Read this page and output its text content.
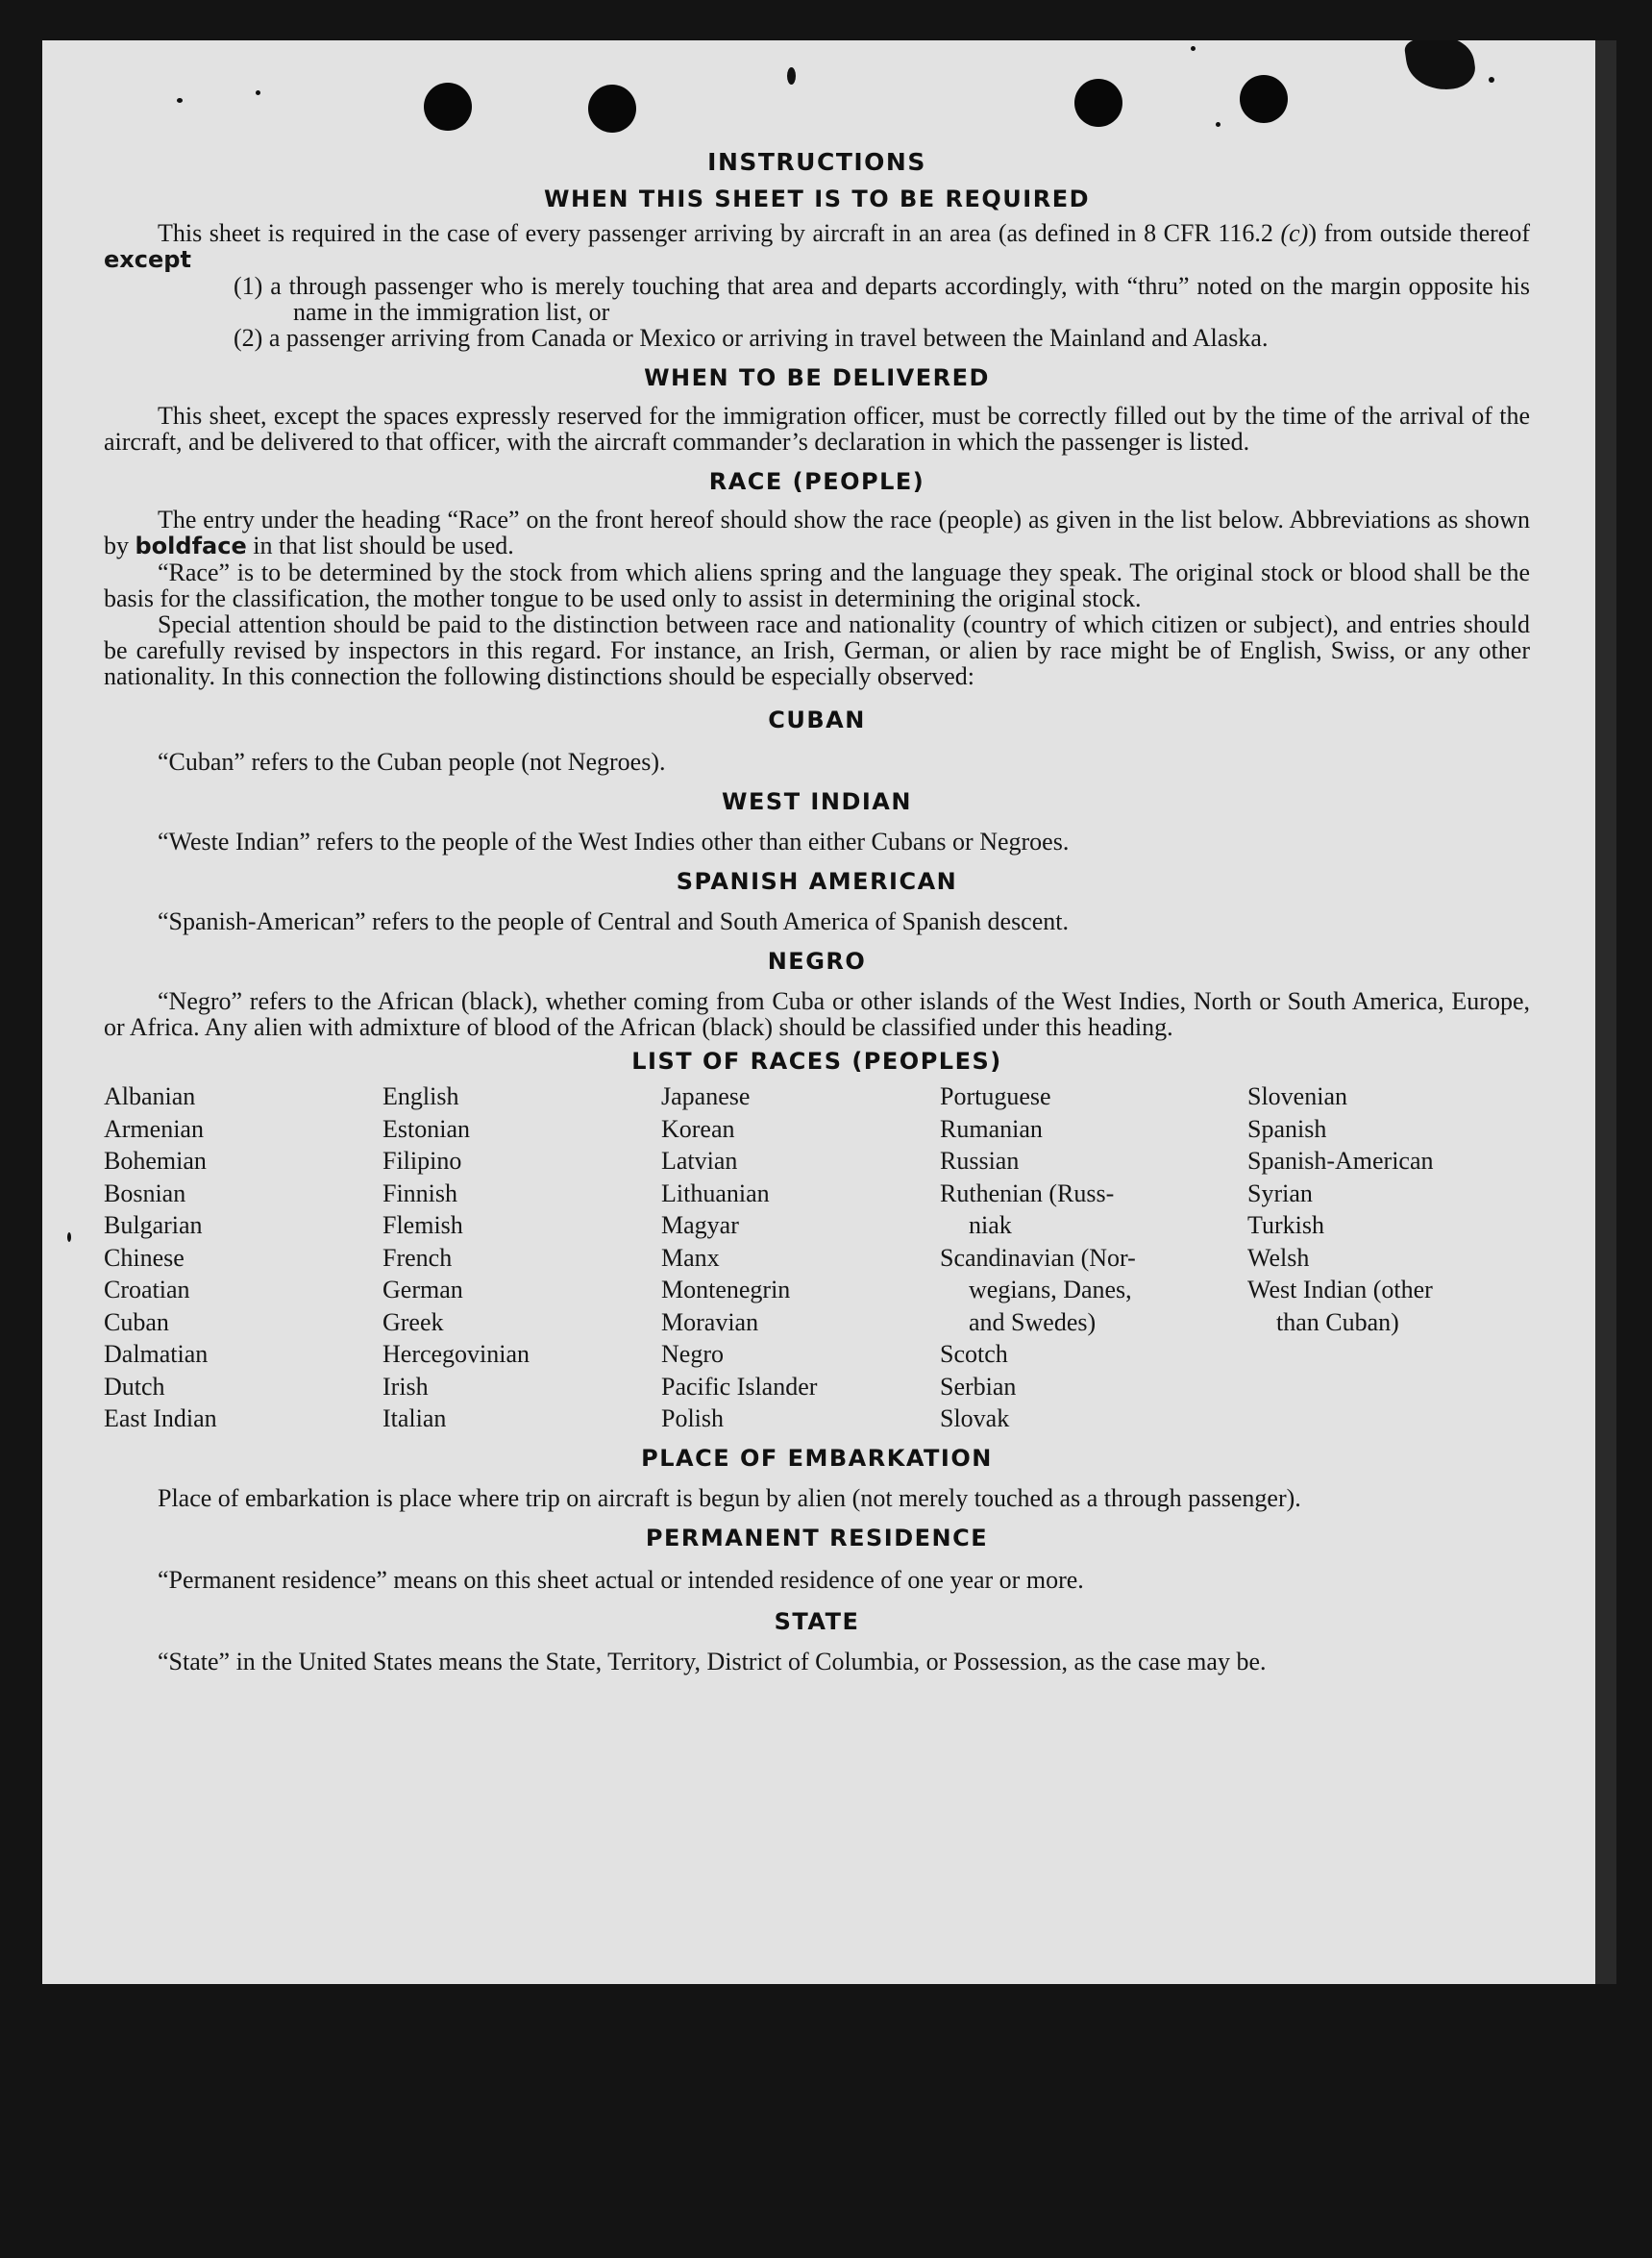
INSTRUCTIONS
WHEN THIS SHEET IS TO BE REQUIRED

This sheet is required in the case of every passenger arriving by aircraft in an area (as defined in 8 CFR 116.2 (c)) from outside thereof except

(1) a through passenger who is merely touching that area and departs accordingly, with “thru” noted on the margin opposite his name in the immigration list, or

(2) a passenger arriving from Canada or Mexico or arriving in travel between the Mainland and Alaska.

WHEN TO BE DELIVERED

This sheet, except the spaces expressly reserved for the immigration officer, must be correctly filled out by the time of the arrival of the aircraft, and be delivered to that officer, with the aircraft commander’s declaration in which the passenger is listed.

RACE (PEOPLE)

The entry under the heading “Race” on the front hereof should show the race (people) as given in the list below. Abbreviations as shown by boldface in that list should be used.

“Race” is to be determined by the stock from which aliens spring and the language they speak. The original stock or blood shall be the basis for the classification, the mother tongue to be used only to assist in determining the original stock.

Special attention should be paid to the distinction between race and nationality (country of which citizen or subject), and entries should be carefully revised by inspectors in this regard. For instance, an Irish, German, or alien by race might be of English, Swiss, or any other nationality. In this connection the following distinctions should be especially observed:

CUBAN

“Cuban” refers to the Cuban people (not Negroes).

WEST INDIAN

“Weste Indian” refers to the people of the West Indies other than either Cubans or Negroes.

SPANISH AMERICAN

“Spanish-American” refers to the people of Central and South America of Spanish descent.

NEGRO

“Negro” refers to the African (black), whether coming from Cuba or other islands of the West Indies, North or South America, Europe, or Africa. Any alien with admixture of blood of the African (black) should be classified under this heading.

LIST OF RACES (PEOPLES)
Albanian
Armenian
Bohemian
Bosnian
Bulgarian
Chinese
Croatian
Cuban
Dalmatian
Dutch
East Indian
English
Estonian
Filipino
Finnish
Flemish
French
German
Greek
Hercegovinian
Irish
Italian
Japanese
Korean
Latvian
Lithuanian
Magyar
Manx
Montenegrin
Moravian
Negro
Pacific Islander
Polish
Portuguese
Rumanian
Russian
Ruthenian (Russ-
niak
Scandinavian (Nor-
wegians, Danes,
and Swedes)
Scotch
Serbian
Slovak
Slovenian
Spanish
Spanish-American
Syrian
Turkish
Welsh
West Indian (other
than Cuban)
PLACE OF EMBARKATION

Place of embarkation is place where trip on aircraft is begun by alien (not merely touched as a through passenger).

PERMANENT RESIDENCE

“Permanent residence” means on this sheet actual or intended residence of one year or more.

STATE

“State” in the United States means the State, Territory, District of Columbia, or Possession, as the case may be.
